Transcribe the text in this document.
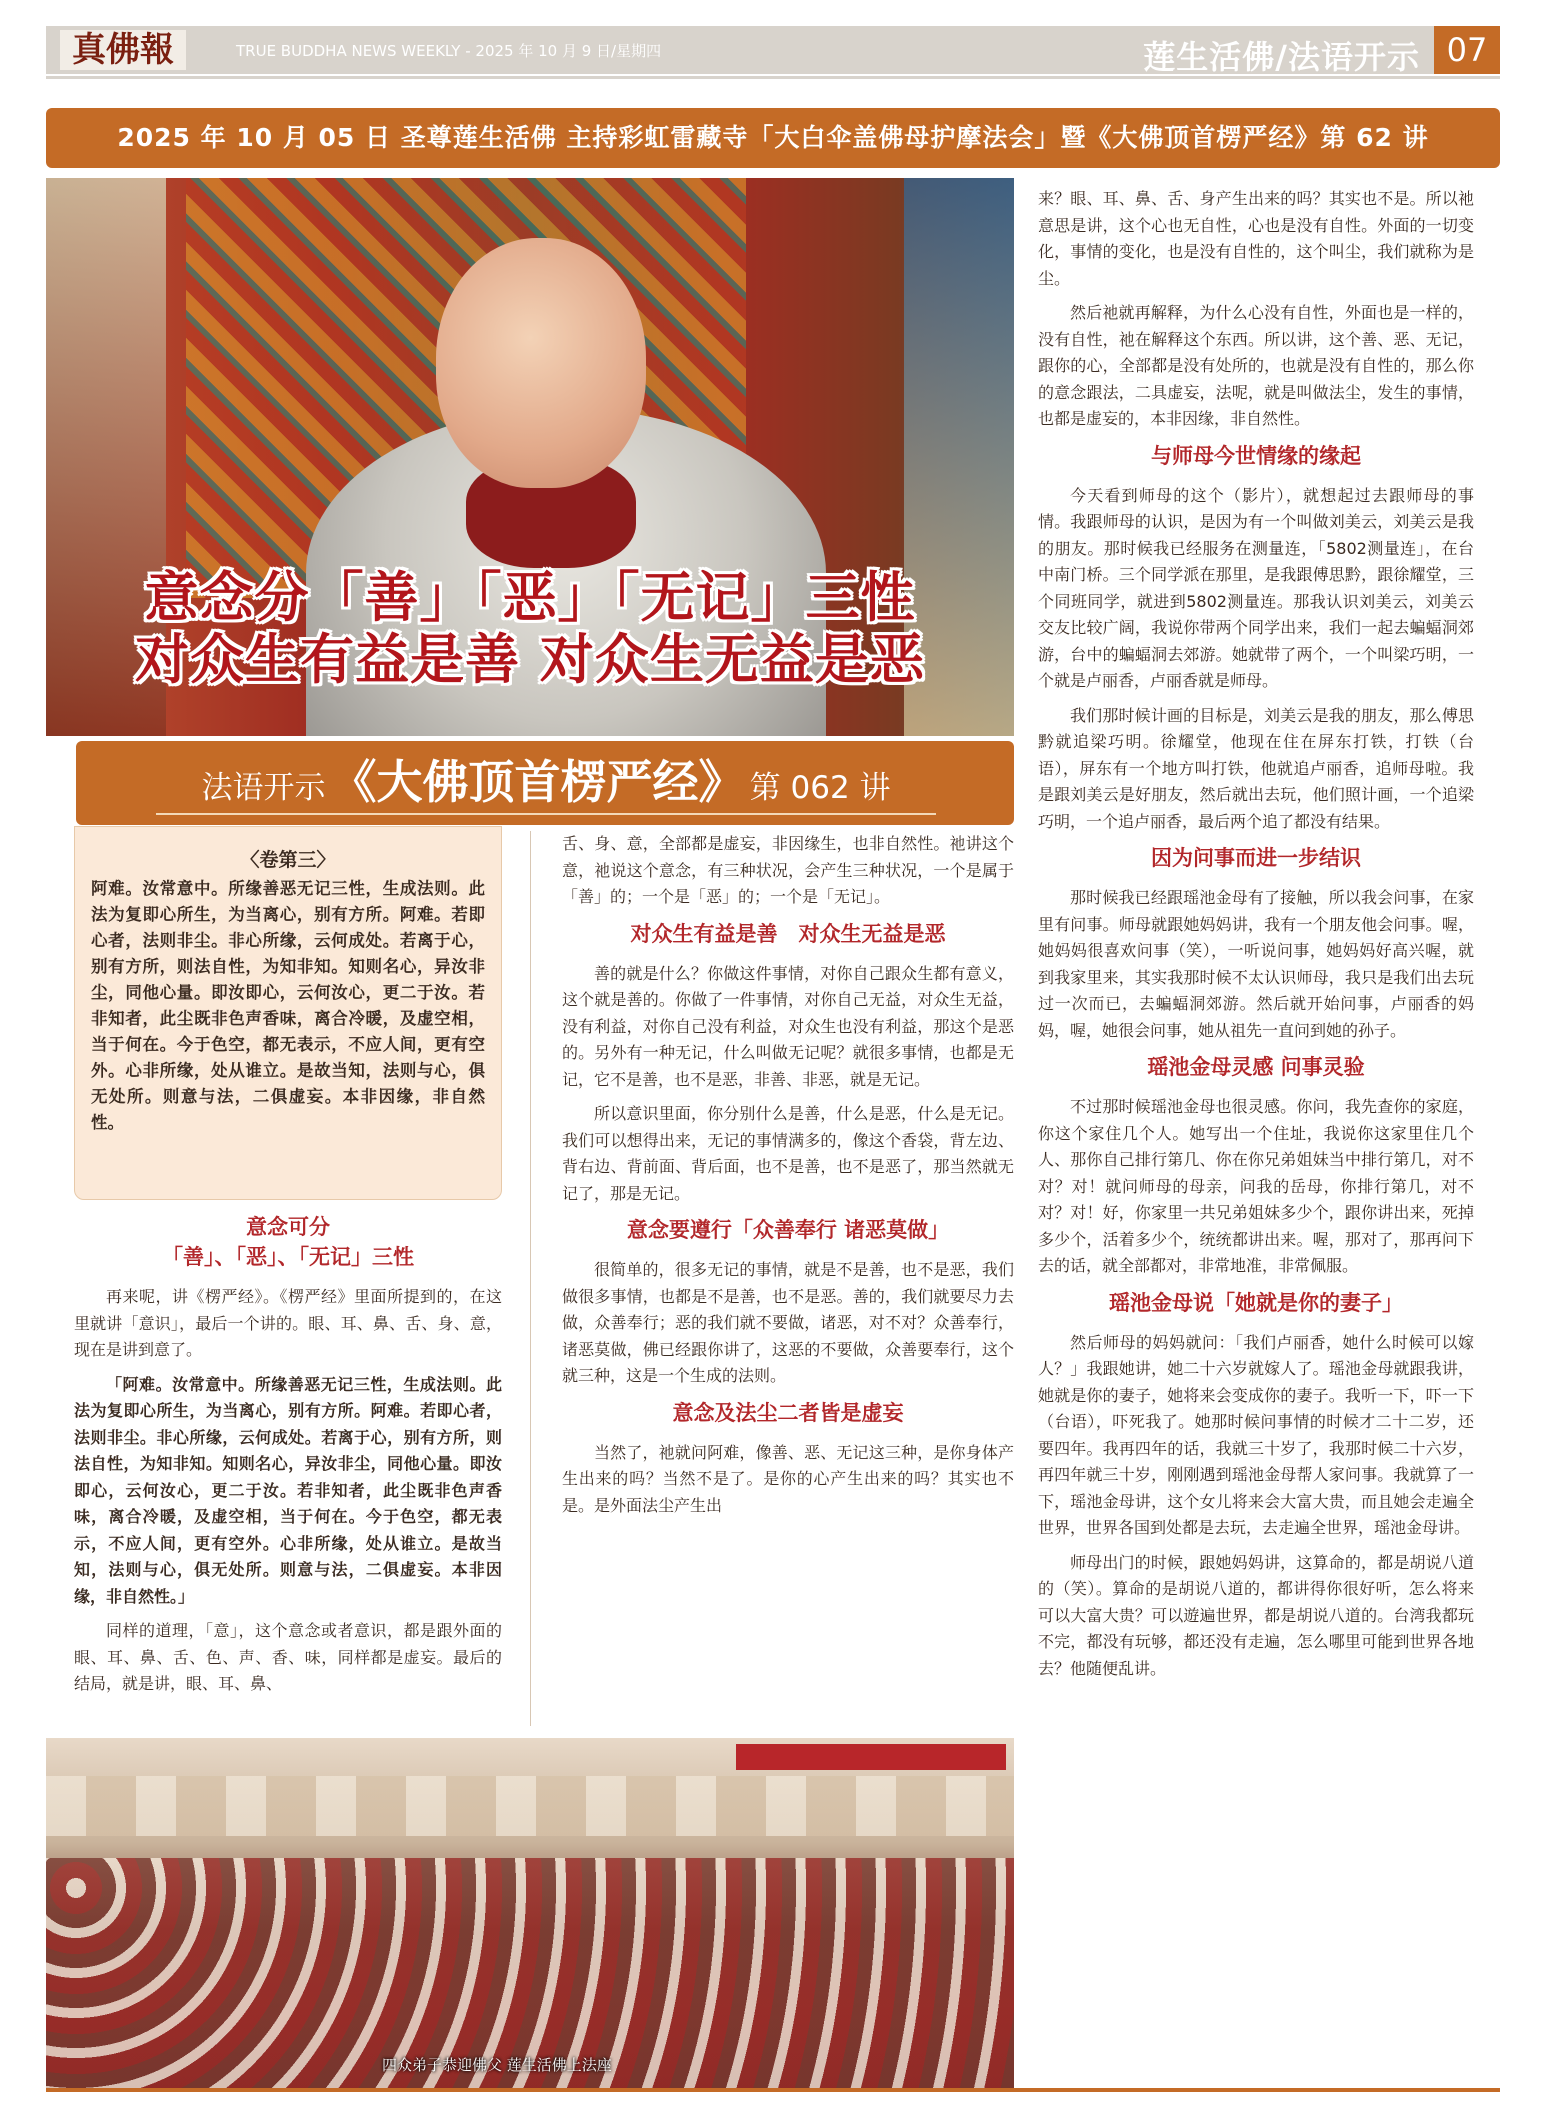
真佛報	TRUE BUDDHA NEWS WEEKLY - 2025 年 10 月 9 日/星期四	莲生活佛/法语开示 07
2025 年 10 月 05 日 圣尊莲生活佛 主持彩虹雷藏寺「大白伞盖佛母护摩法会」暨《大佛顶首楞严经》第 62 讲
意念分「善」「恶」「无记」三性
对众生有益是善 对众生无益是恶
法语开示 《大佛顶首楞严经》 第 062 讲
〈卷第三〉

阿难。汝常意中。所缘善恶无记三性，生成法则。此法为复即心所生，为当离心，别有方所。阿难。若即心者，法则非尘。非心所缘，云何成处。若离于心，别有方所，则法自性，为知非知。知则名心，异汝非尘，同他心量。即汝即心，云何汝心，更二于汝。若非知者，此尘既非色声香味，离合冷暖，及虚空相，当于何在。今于色空，都无表示，不应人间，更有空外。心非所缘，处从谁立。是故当知，法则与心，俱无处所。则意与法，二俱虚妄。本非因缘，非自然性。

意念可分
「善」、「恶」、「无记」三性

再来呢，讲《楞严经》。《楞严经》里面所提到的，在这里就讲「意识」，最后一个讲的。眼、耳、鼻、舌、身、意，现在是讲到意了。

「阿难。汝常意中。所缘善恶无记三性，生成法则。此法为复即心所生，为当离心，别有方所。阿难。若即心者，法则非尘。非心所缘，云何成处。若离于心，别有方所，则法自性，为知非知。知则名心，异汝非尘，同他心量。即汝即心，云何汝心，更二于汝。若非知者，此尘既非色声香味，离合冷暖，及虚空相，当于何在。今于色空，都无表示，不应人间，更有空外。心非所缘，处从谁立。是故当知，法则与心，俱无处所。则意与法，二俱虚妄。本非因缘，非自然性。」

同样的道理，「意」，这个意念或者意识，都是跟外面的眼、耳、鼻、舌、色、声、香、味，同样都是虚妄。最后的结局，就是讲，眼、耳、鼻、

舌、身、意，全部都是虚妄，非因缘生，也非自然性。祂讲这个意，祂说这个意念，有三种状况，会产生三种状况，一个是属于「善」的；一个是「恶」的；一个是「无记」。

对众生有益是善　对众生无益是恶

善的就是什么？你做这件事情，对你自己跟众生都有意义，这个就是善的。你做了一件事情，对你自己无益，对众生无益，没有利益，对你自己没有利益，对众生也没有利益，那这个是恶的。另外有一种无记，什么叫做无记呢？就很多事情，也都是无记，它不是善，也不是恶，非善、非恶，就是无记。

所以意识里面，你分别什么是善，什么是恶，什么是无记。我们可以想得出来，无记的事情满多的，像这个香袋，背左边、背右边、背前面、背后面，也不是善，也不是恶了，那当然就无记了，那是无记。

意念要遵行「众善奉行 诸恶莫做」

很简单的，很多无记的事情，就是不是善，也不是恶，我们做很多事情，也都是不是善，也不是恶。善的，我们就要尽力去做，众善奉行；恶的我们就不要做，诸恶，对不对？众善奉行，诸恶莫做，佛已经跟你讲了，这恶的不要做，众善要奉行，这个就三种，这是一个生成的法则。

意念及法尘二者皆是虚妄

当然了，祂就问阿难，像善、恶、无记这三种，是你身体产生出来的吗？当然不是了。是你的心产生出来的吗？其实也不是。是外面法尘产生出

来？眼、耳、鼻、舌、身产生出来的吗？其实也不是。所以祂意思是讲，这个心也无自性，心也是没有自性。外面的一切变化，事情的变化，也是没有自性的，这个叫尘，我们就称为是尘。

然后祂就再解释，为什么心没有自性，外面也是一样的，没有自性，祂在解释这个东西。所以讲，这个善、恶、无记，跟你的心，全部都是没有处所的，也就是没有自性的，那么你的意念跟法，二具虚妄，法呢，就是叫做法尘，发生的事情，也都是虚妄的，本非因缘，非自然性。

与师母今世情缘的缘起

今天看到师母的这个（影片），就想起过去跟师母的事情。我跟师母的认识，是因为有一个叫做刘美云，刘美云是我的朋友。那时候我已经服务在测量连，「5802测量连」，在台中南门桥。三个同学派在那里，是我跟傅思黔，跟徐耀堂，三个同班同学，就进到5802测量连。那我认识刘美云，刘美云交友比较广阔，我说你带两个同学出来，我们一起去蝙蝠洞郊游，台中的蝙蝠洞去郊游。她就带了两个，一个叫梁巧明，一个就是卢丽香，卢丽香就是师母。

我们那时候计画的目标是，刘美云是我的朋友，那么傅思黔就追梁巧明。徐耀堂，他现在住在屏东打铁，打铁（台语），屏东有一个地方叫打铁，他就追卢丽香，追师母啦。我是跟刘美云是好朋友，然后就出去玩，他们照计画，一个追梁巧明，一个追卢丽香，最后两个追了都没有结果。

因为问事而进一步结识

那时候我已经跟瑶池金母有了接触，所以我会问事，在家里有问事。师母就跟她妈妈讲，我有一个朋友他会问事。喔，她妈妈很喜欢问事（笑），一听说问事，她妈妈好高兴喔，就到我家里来，其实我那时候不太认识师母，我只是我们出去玩过一次而已，去蝙蝠洞郊游。然后就开始问事，卢丽香的妈妈，喔，她很会问事，她从祖先一直问到她的孙子。

瑶池金母灵感 问事灵验

不过那时候瑶池金母也很灵感。你问，我先查你的家庭，你这个家住几个人。她写出一个住址，我说你这家里住几个人、那你自己排行第几、你在你兄弟姐妹当中排行第几，对不对？对！就问师母的母亲，问我的岳母，你排行第几，对不对？对！好，你家里一共兄弟姐妹多少个，跟你讲出来，死掉多少个，活着多少个，统统都讲出来。喔，那对了，那再问下去的话，就全部都对，非常地准，非常佩服。

瑶池金母说「她就是你的妻子」

然后师母的妈妈就问：「我们卢丽香，她什么时候可以嫁人？」我跟她讲，她二十六岁就嫁人了。瑶池金母就跟我讲，她就是你的妻子，她将来会变成你的妻子。我听一下，吓一下（台语），吓死我了。她那时候问事情的时候才二十二岁，还要四年。我再四年的话，我就三十岁了，我那时候二十六岁，再四年就三十岁，刚刚遇到瑶池金母帮人家问事。我就算了一下，瑶池金母讲，这个女儿将来会大富大贵，而且她会走遍全世界，世界各国到处都是去玩，去走遍全世界，瑶池金母讲。

师母出门的时候，跟她妈妈讲，这算命的，都是胡说八道的（笑）。算命的是胡说八道的，都讲得你很好听，怎么将来可以大富大贵？可以遊遍世界，都是胡说八道的。台湾我都玩不完，都没有玩够，都还没有走遍，怎么哪里可能到世界各地去？他随便乱讲。

四众弟子恭迎佛父 莲生活佛上法座
